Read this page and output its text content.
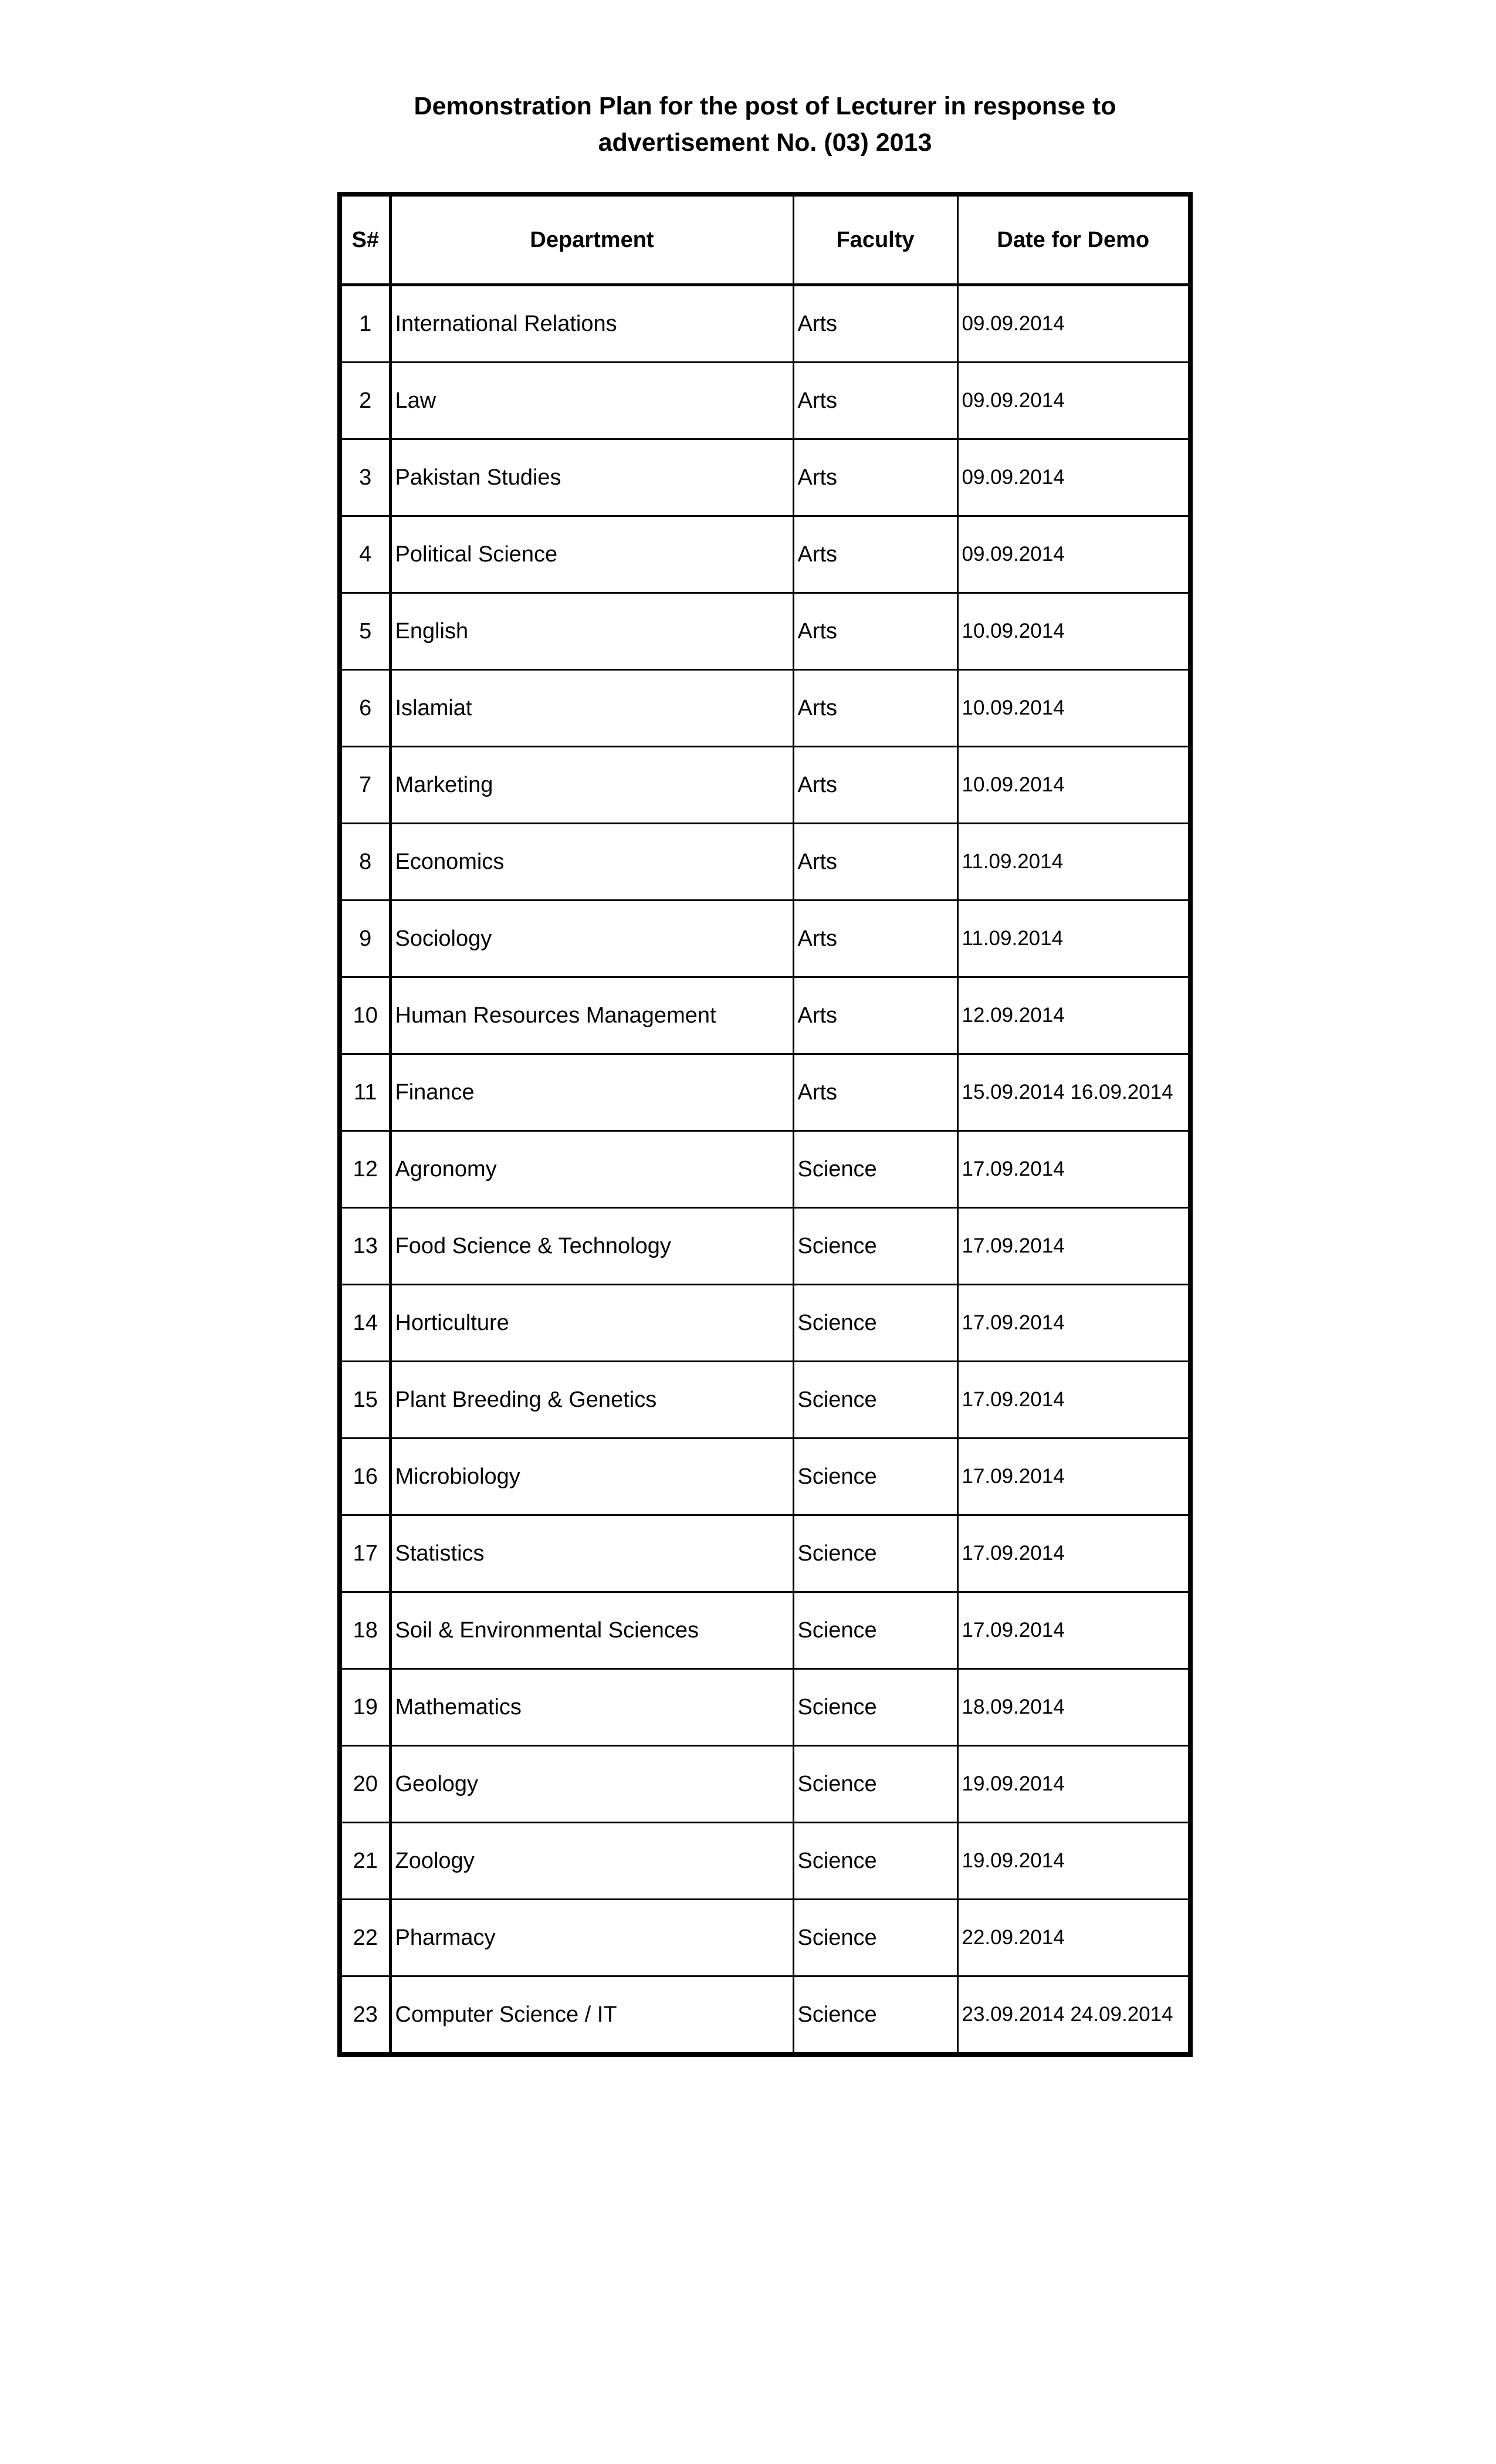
Demonstration Plan for the post of Lecturer in response to
advertisement No. (03) 2013
S#	Department	Faculty	Date for Demo
1	International Relations	Arts	09.09.2014
2	Law	Arts	09.09.2014
3	Pakistan Studies	Arts	09.09.2014
4	Political Science	Arts	09.09.2014
5	English	Arts	10.09.2014
6	Islamiat	Arts	10.09.2014
7	Marketing	Arts	10.09.2014
8	Economics	Arts	11.09.2014
9	Sociology	Arts	11.09.2014
10	Human Resources Management	Arts	12.09.2014
11	Finance	Arts	15.09.2014 16.09.2014
12	Agronomy	Science	17.09.2014
13	Food Science & Technology	Science	17.09.2014
14	Horticulture	Science	17.09.2014
15	Plant Breeding & Genetics	Science	17.09.2014
16	Microbiology	Science	17.09.2014
17	Statistics	Science	17.09.2014
18	Soil & Environmental Sciences	Science	17.09.2014
19	Mathematics	Science	18.09.2014
20	Geology	Science	19.09.2014
21	Zoology	Science	19.09.2014
22	Pharmacy	Science	22.09.2014
23	Computer Science / IT	Science	23.09.2014 24.09.2014
